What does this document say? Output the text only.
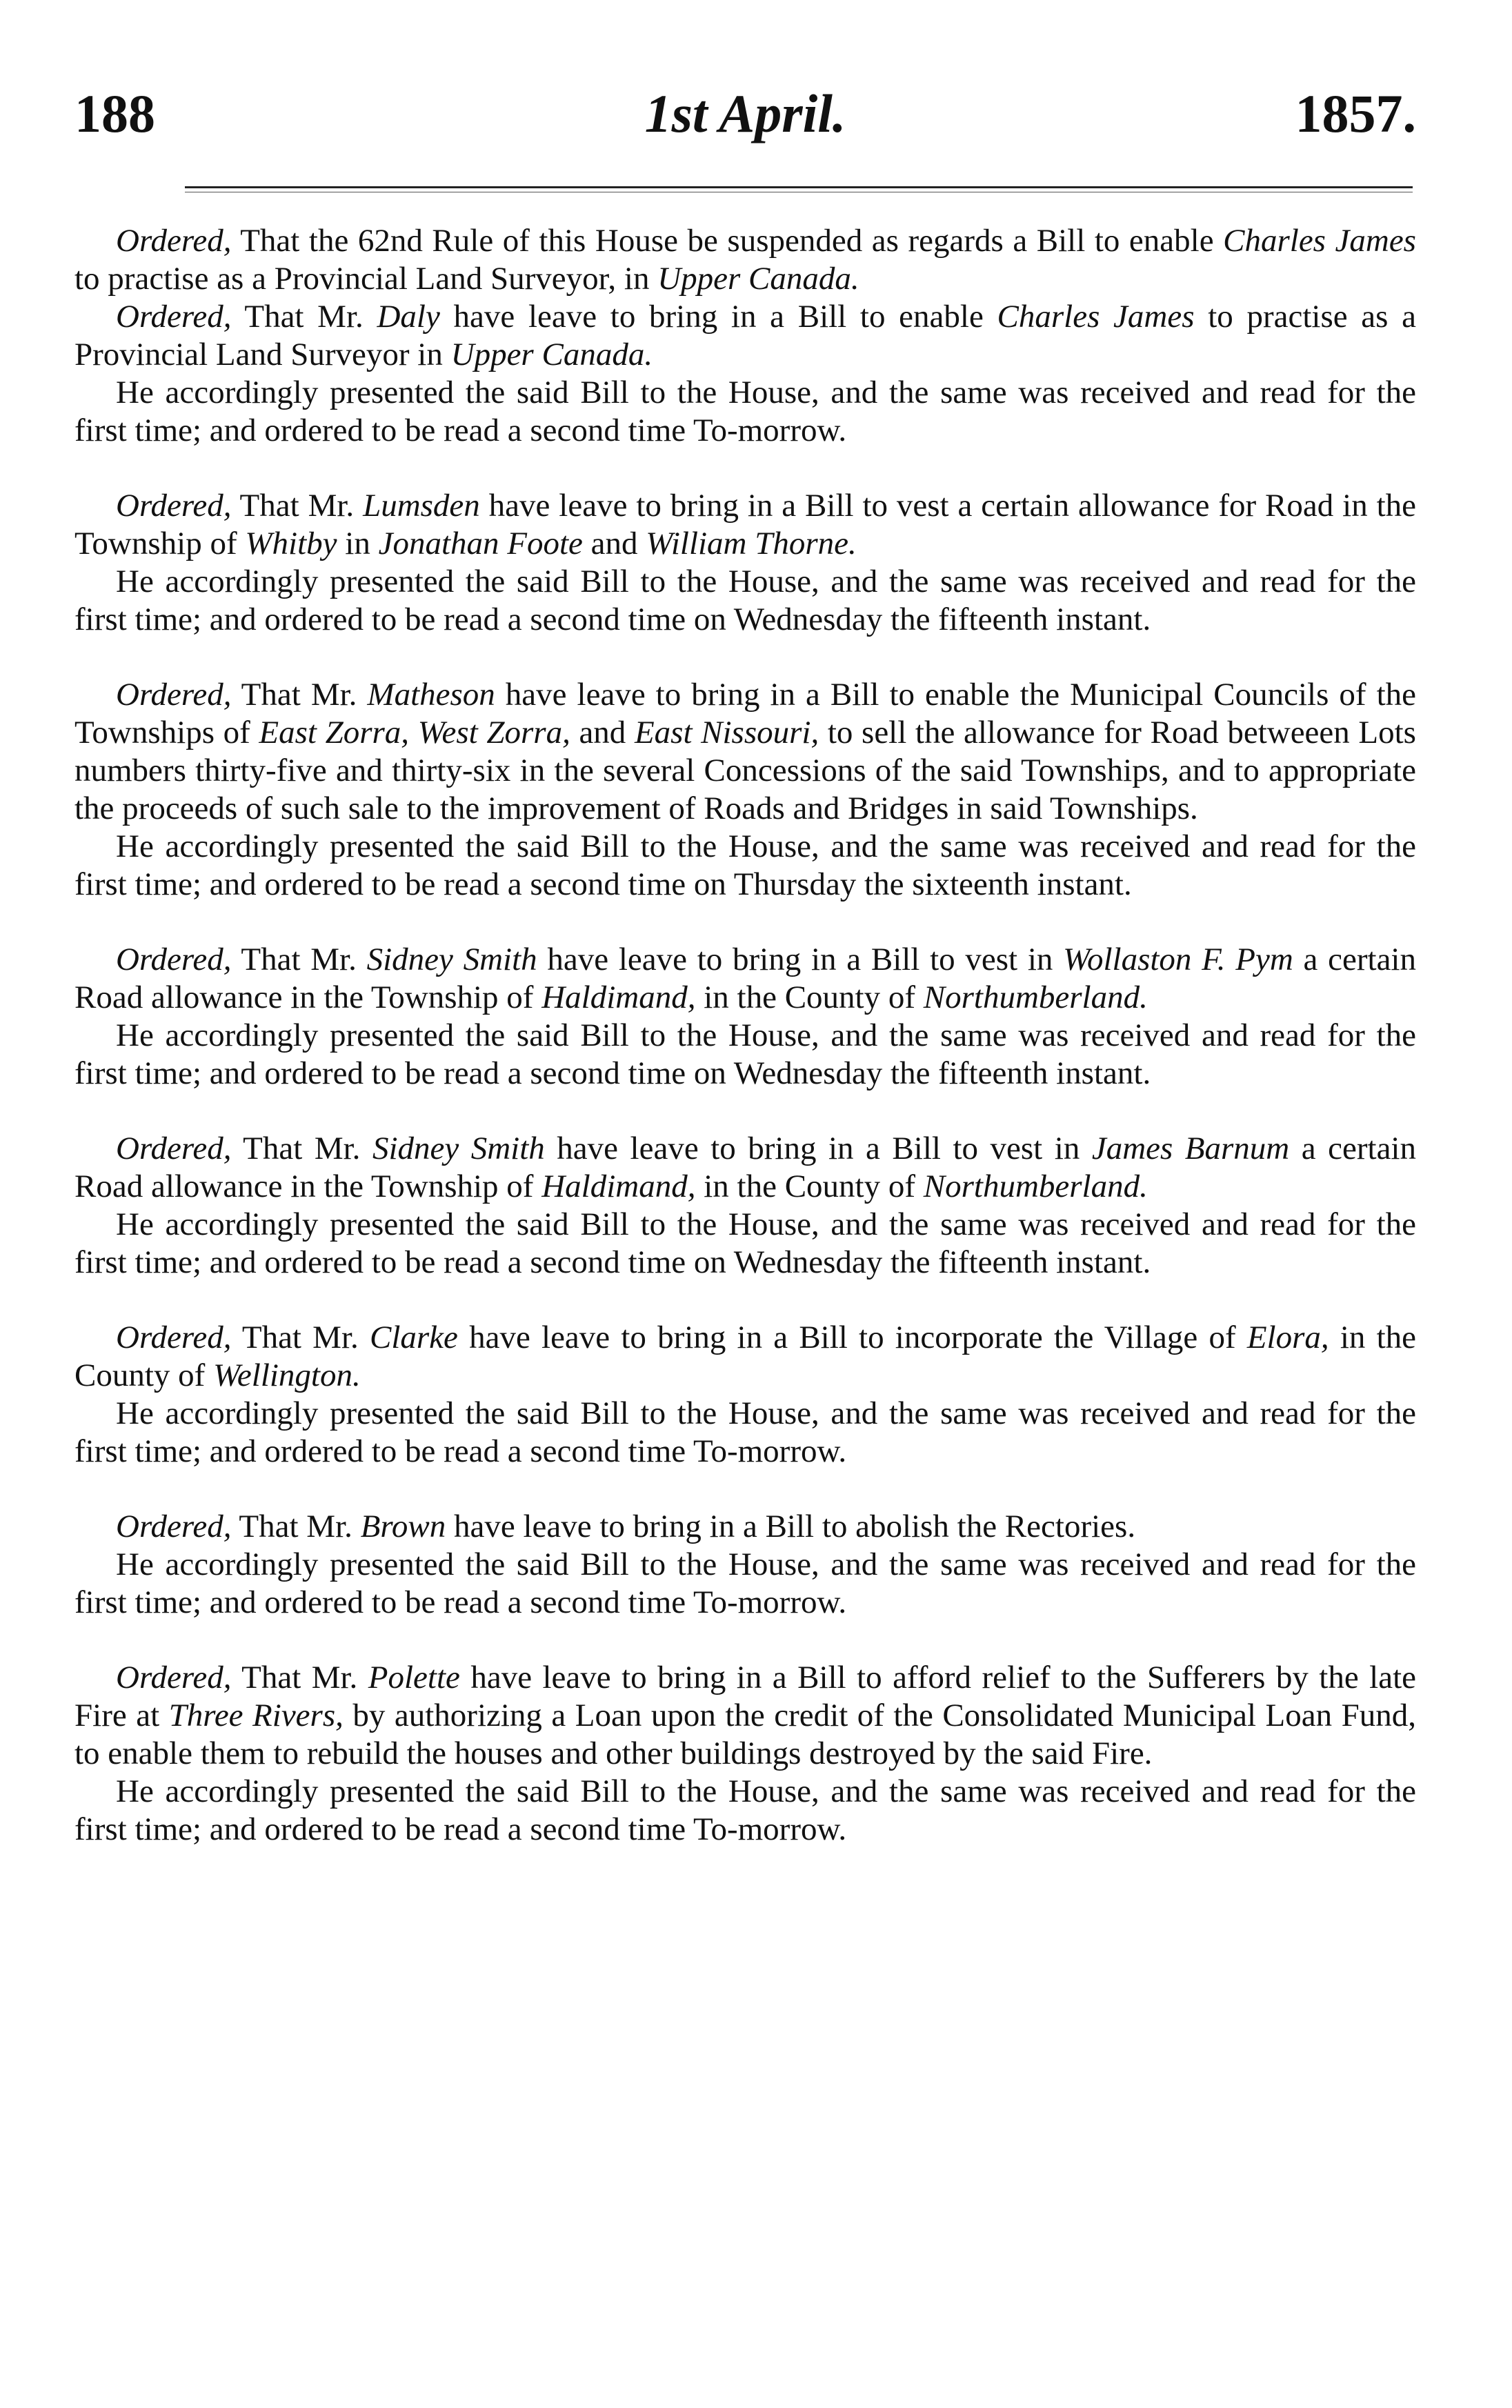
188	1st April.	1857.

Ordered, That the 62nd Rule of this House be suspended as regards a Bill to enable Charles James to practise as a Provincial Land Surveyor, in Upper Canada.

Ordered, That Mr. Daly have leave to bring in a Bill to enable Charles James to practise as a Provincial Land Surveyor in Upper Canada.

He accordingly presented the said Bill to the House, and the same was received and read for the first time; and ordered to be read a second time To-morrow.

Ordered, That Mr. Lumsden have leave to bring in a Bill to vest a certain allowance for Road in the Township of Whitby in Jonathan Foote and William Thorne.

He accordingly presented the said Bill to the House, and the same was received and read for the first time; and ordered to be read a second time on Wednesday the fifteenth instant.

Ordered, That Mr. Matheson have leave to bring in a Bill to enable the Municipal Councils of the Townships of East Zorra, West Zorra, and East Nissouri, to sell the allowance for Road betweeen Lots numbers thirty-five and thirty-six in the several Concessions of the said Townships, and to appropriate the proceeds of such sale to the improvement of Roads and Bridges in said Townships.

He accordingly presented the said Bill to the House, and the same was received and read for the first time; and ordered to be read a second time on Thursday the sixteenth instant.

Ordered, That Mr. Sidney Smith have leave to bring in a Bill to vest in Wollaston F. Pym a certain Road allowance in the Township of Haldimand, in the County of Northumberland.

He accordingly presented the said Bill to the House, and the same was received and read for the first time; and ordered to be read a second time on Wednesday the fifteenth instant.

Ordered, That Mr. Sidney Smith have leave to bring in a Bill to vest in James Barnum a certain Road allowance in the Township of Haldimand, in the County of Northumberland.

He accordingly presented the said Bill to the House, and the same was received and read for the first time; and ordered to be read a second time on Wednesday the fifteenth instant.

Ordered, That Mr. Clarke have leave to bring in a Bill to incorporate the Village of Elora, in the County of Wellington.

He accordingly presented the said Bill to the House, and the same was received and read for the first time; and ordered to be read a second time To-morrow.

Ordered, That Mr. Brown have leave to bring in a Bill to abolish the Rectories.

He accordingly presented the said Bill to the House, and the same was received and read for the first time; and ordered to be read a second time To-morrow.

Ordered, That Mr. Polette have leave to bring in a Bill to afford relief to the Sufferers by the late Fire at Three Rivers, by authorizing a Loan upon the credit of the Consolidated Municipal Loan Fund, to enable them to rebuild the houses and other buildings destroyed by the said Fire.

He accordingly presented the said Bill to the House, and the same was received and read for the first time; and ordered to be read a second time To-morrow.
